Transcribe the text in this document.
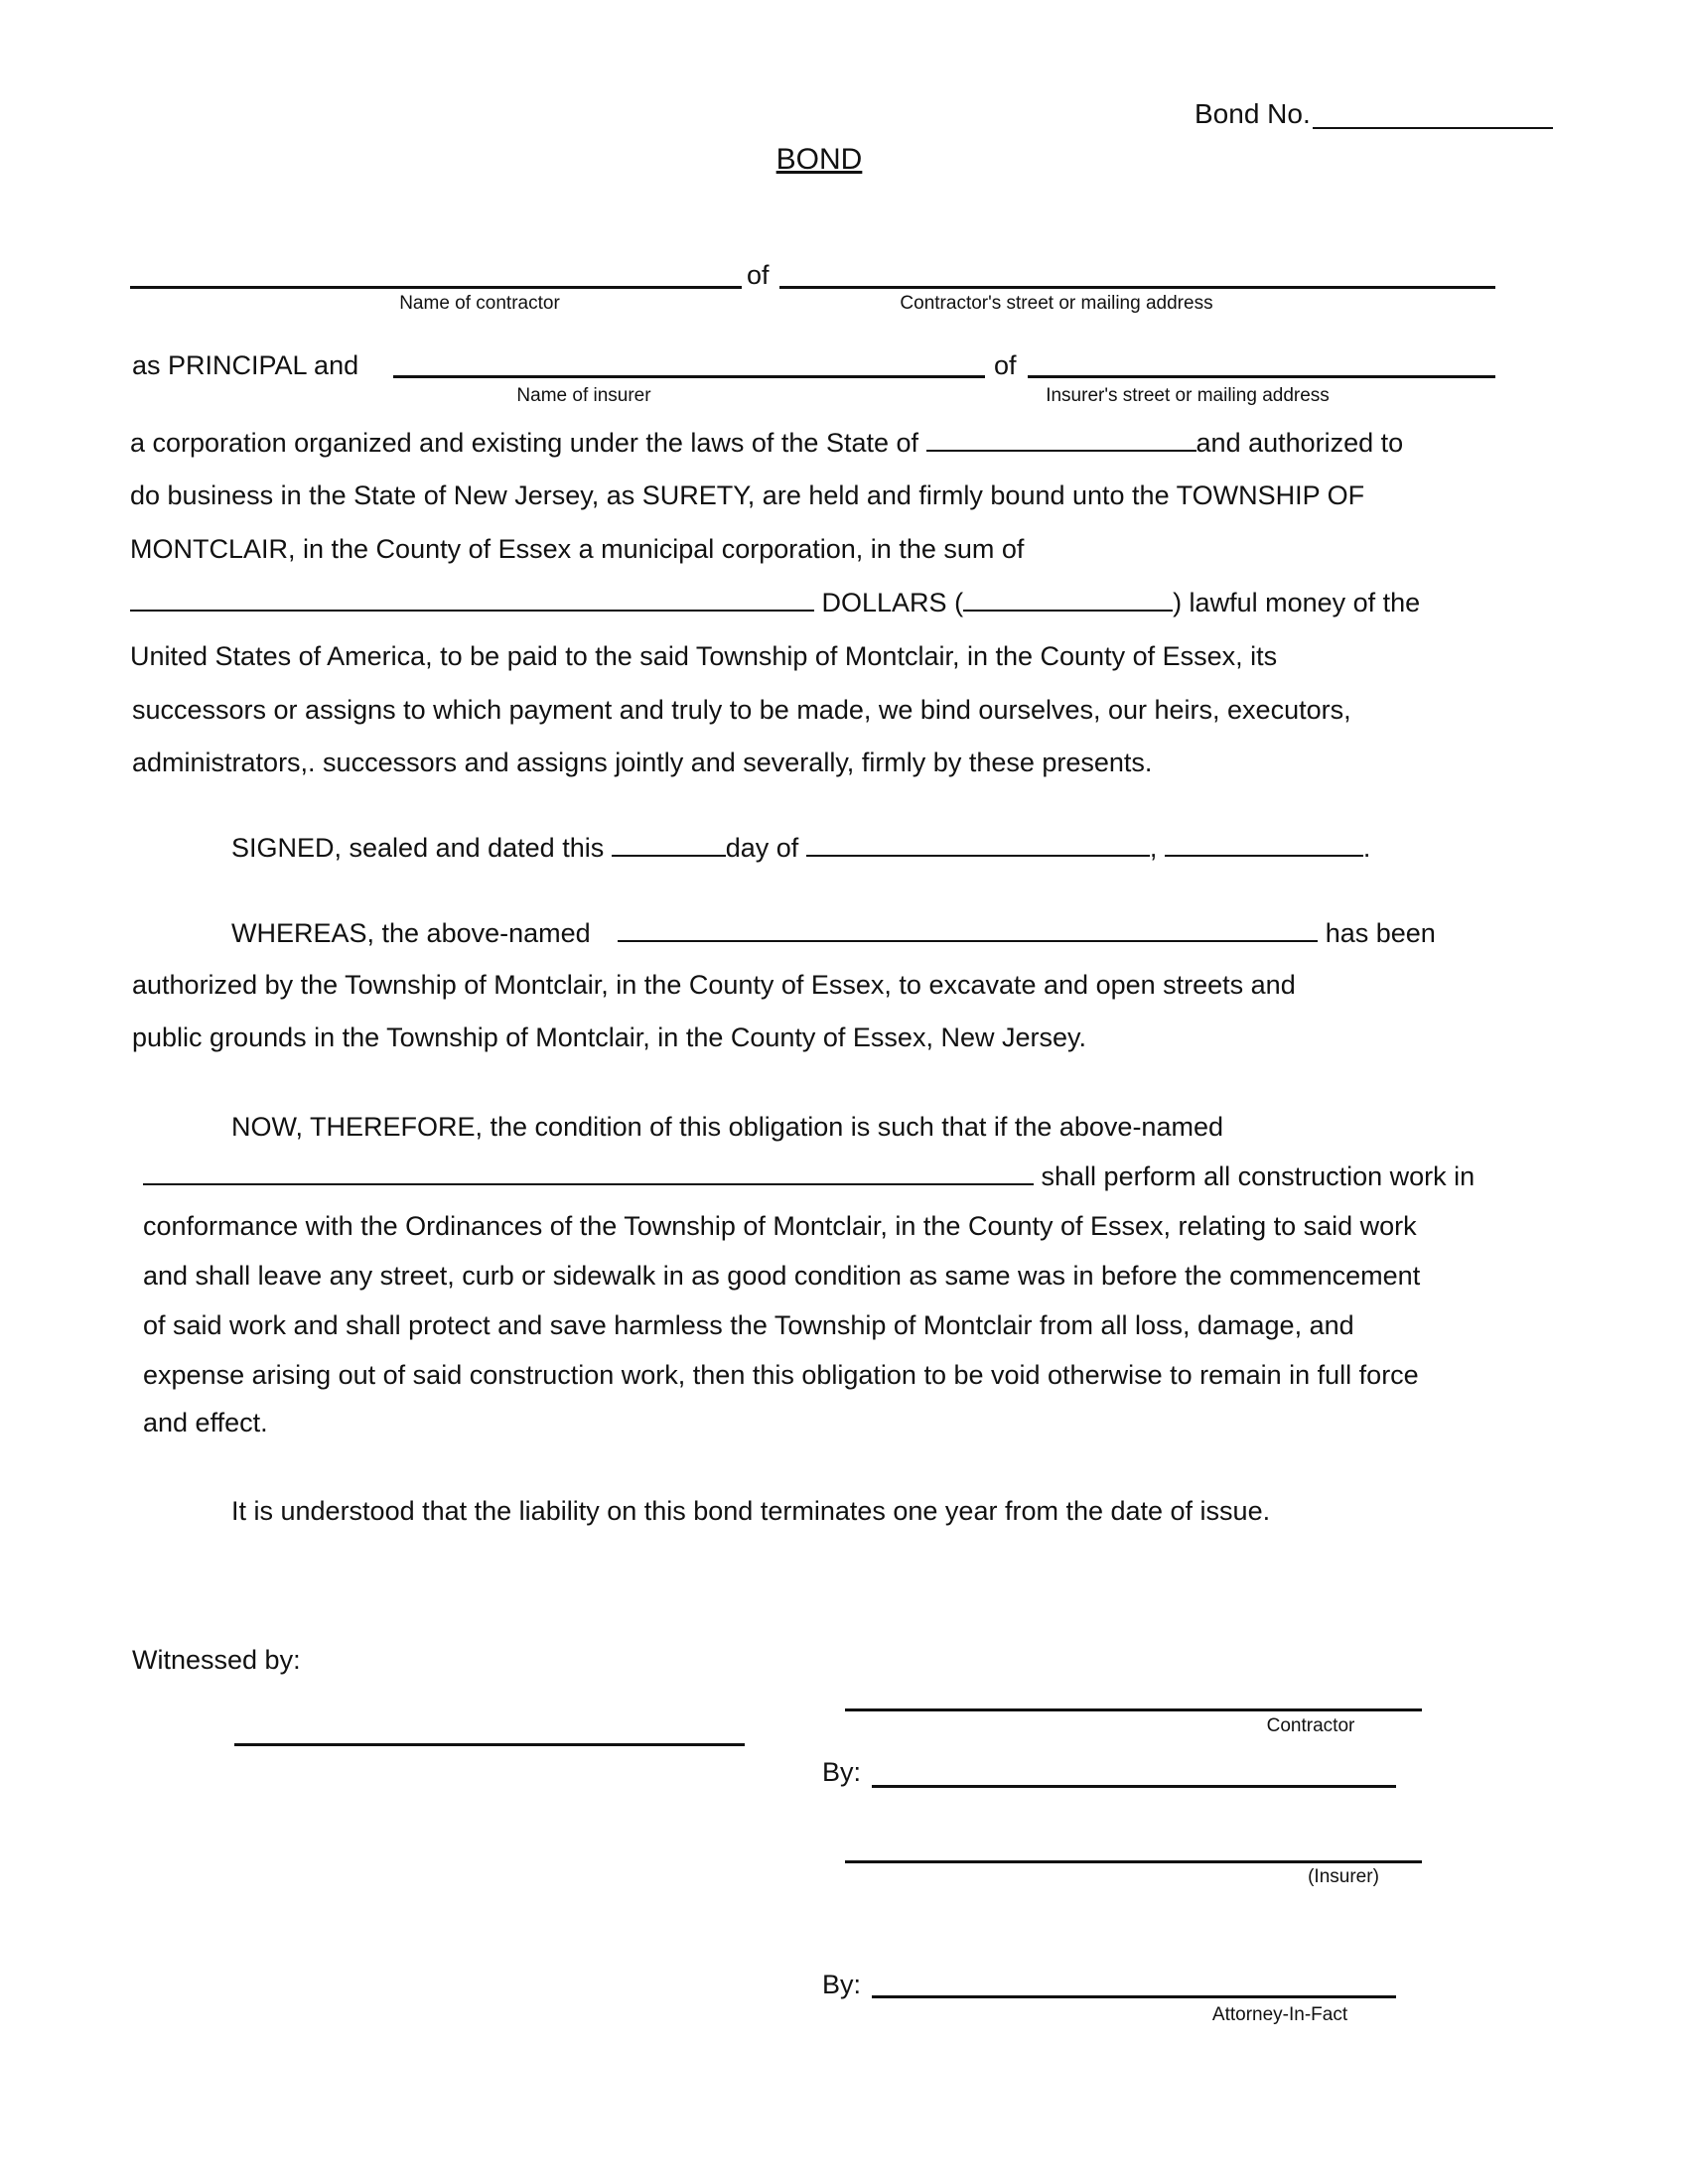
Bond No.
BOND
of
Name of contractor	Contractor's street or mailing address
as PRINCIPAL and	of
Name of insurer	Insurer's street or mailing address
a corporation organized and existing under the laws of the State of	and authorized to
do business in the State of New Jersey, as SURETY, are held and firmly bound unto the TOWNSHIP OF
MONTCLAIR, in the County of Essex a municipal corporation, in the sum of
DOLLARS (	) lawful money of the
United States of America, to be paid to the said Township of Montclair, in the County of Essex, its
successors or assigns to which payment and truly to be made, we bind ourselves, our heirs, executors,
administrators,. successors and assigns jointly and severally, firmly by these presents.
SIGNED, sealed and dated this	day of	,	.
WHEREAS, the above-named	has been
authorized by the Township of Montclair, in the County of Essex, to excavate and open streets and
public grounds in the Township of Montclair, in the County of Essex, New Jersey.
NOW, THEREFORE, the condition of this obligation is such that if the above-named
shall perform all construction work in
conformance with the Ordinances of the Township of Montclair, in the County of Essex, relating to said work
and shall leave any street, curb or sidewalk in as good condition as same was in before the commencement
of said work and shall protect and save harmless the Township of Montclair from all loss, damage, and
expense arising out of said construction work, then this obligation to be void otherwise to remain in full force
and effect.
It is understood that the liability on this bond terminates one year from the date of issue.
Witnessed by:
Contractor
By:
(Insurer)
By:
Attorney-In-Fact
